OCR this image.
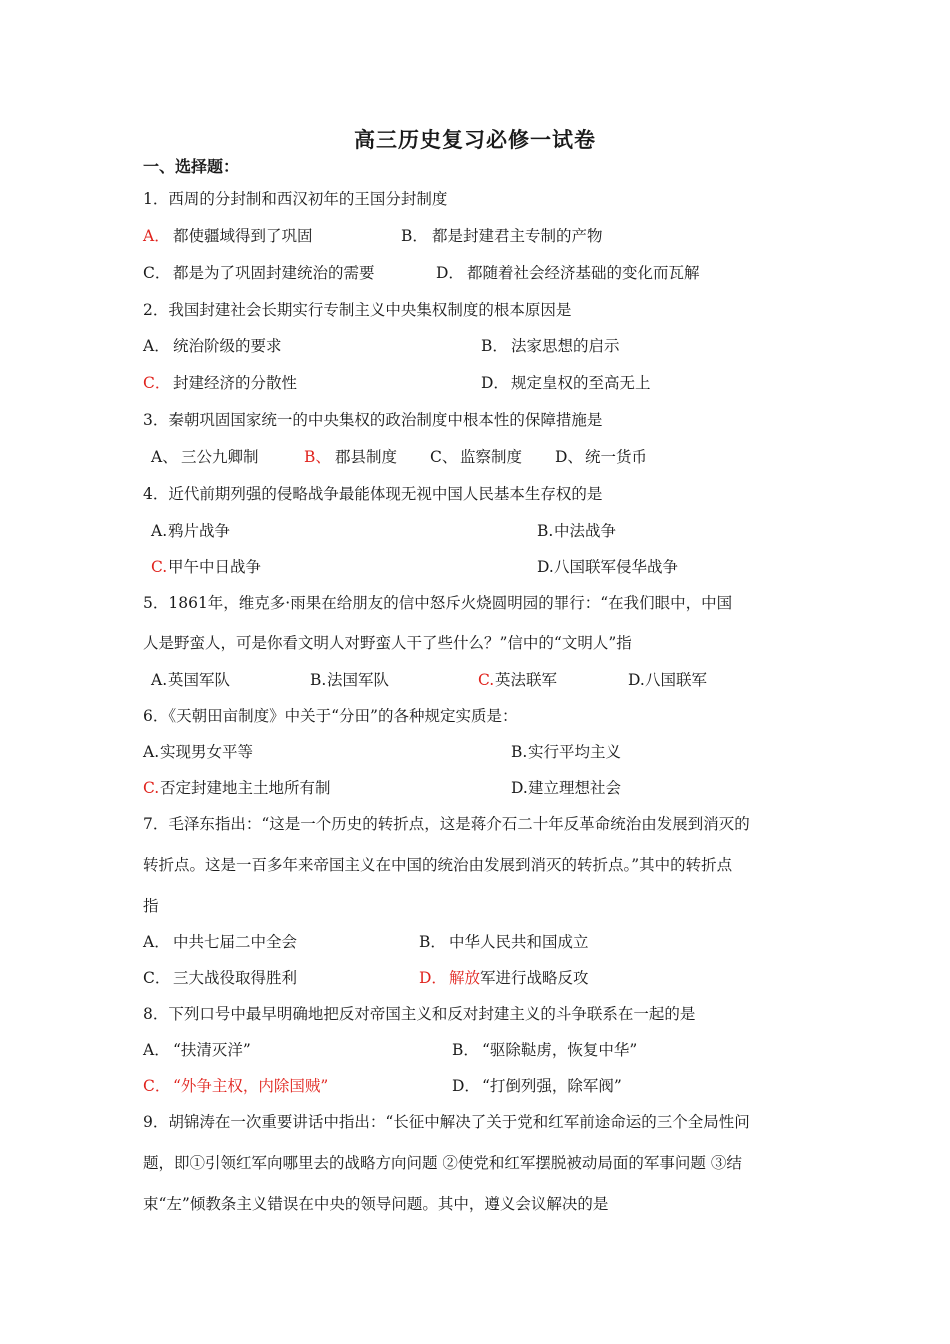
高三历史复习必修一试卷
一、选择题：
1．西周的分封制和西汉初年的王国分封制度
A． 都使疆域得到了巩固	B． 都是封建君主专制的产物
C． 都是为了巩固封建统治的需要	D． 都随着社会经济基础的变化而瓦解
2．我国封建社会长期实行专制主义中央集权制度的根本原因是
A． 统治阶级的要求	B． 法家思想的启示
C． 封建经济的分散性	D． 规定皇权的至高无上
3．秦朝巩固国家统一的中央集权的政治制度中根本性的保障措施是
A、 三公九卿制	B、 郡县制度 C、 监察制度 D、 统一货币
4．近代前期列强的侵略战争最能体现无视中国人民基本生存权的是
A. 鸦片战争	B. 中法战争
C. 甲午中日战争	D. 八国联军侵华战争
5．1861年，维克多·雨果在给朋友的信中怒斥火烧圆明园的罪行：“在我们眼中，中国
人是野蛮人，可是你看文明人对野蛮人干了些什么？”信中的“文明人”指
A. 英国军队	B. 法国军队	C. 英法联军	D. 八国联军
6．《天朝田亩制度》中关于“分田”的各种规定实质是：
A. 实现男女平等	B. 实行平均主义
C. 否定封建地主土地所有制	D. 建立理想社会
7．毛泽东指出：“这是一个历史的转折点，这是蒋介石二十年反革命统治由发展到消灭的
转折点。这是一百多年来帝国主义在中国的统治由发展到消灭的转折点。”其中的转折点
指
A． 中共七届二中全会	B． 中华人民共和国成立
C． 三大战役取得胜利	D． 解放军进行战略反攻
8．下列口号中最早明确地把反对帝国主义和反对封建主义的斗争联系在一起的是
A． “扶清灭洋”	B． “驱除鞑虏，恢复中华”
C． “外争主权，内除国贼”	D． “打倒列强，除军阀”
9．胡锦涛在一次重要讲话中指出：“长征中解决了关于党和红军前途命运的三个全局性问
题，即①引领红军向哪里去的战略方向问题 ②使党和红军摆脱被动局面的军事问题 ③结
束“左”倾教条主义错误在中央的领导问题。其中，遵义会议解决的是
